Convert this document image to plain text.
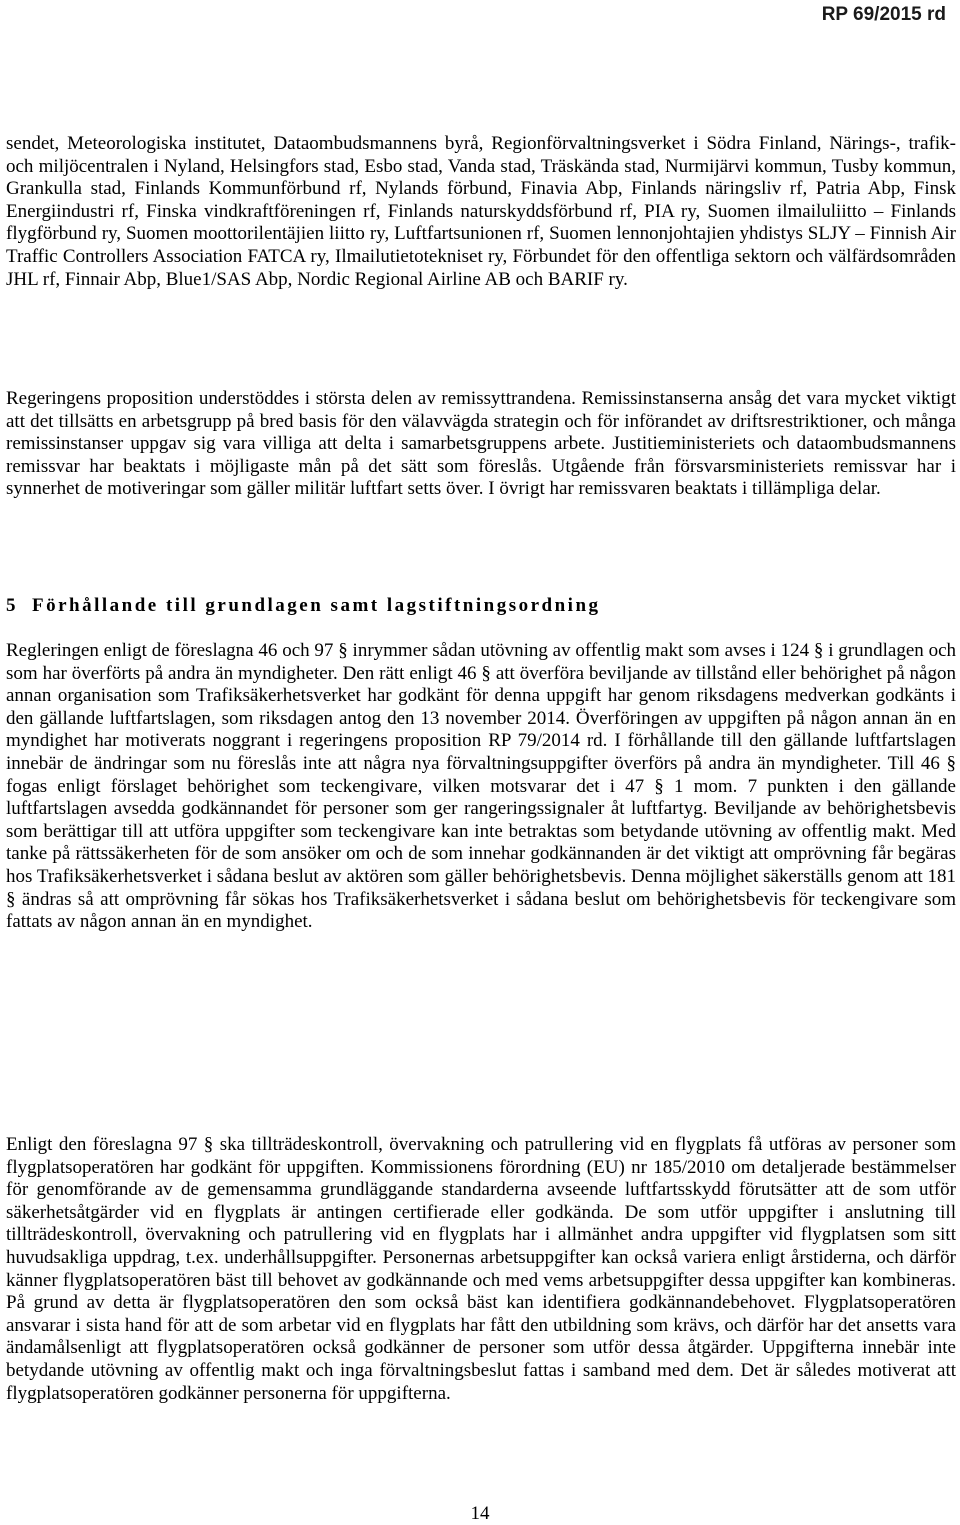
RP 69/2015 rd
sendet, Meteorologiska institutet, Dataombudsmannens byrå, Regionförvaltningsverket i Södra Finland, Närings-, trafik- och miljöcentralen i Nyland, Helsingfors stad, Esbo stad, Vanda stad, Träskända stad, Nurmijärvi kommun, Tusby kommun, Grankulla stad, Finlands Kommunförbund rf, Nylands förbund, Finavia Abp, Finlands näringsliv rf, Patria Abp, Finsk Energiindustri rf, Finska vindkraftföreningen rf, Finlands naturskyddsförbund rf, PIA ry, Suomen ilmailuliitto – Finlands flygförbund ry, Suomen moottorilentäjien liitto ry, Luftfartsunionen rf, Suomen lennonjohtajien yhdistys SLJY – Finnish Air Traffic Controllers Association FATCA ry, Ilmailutietotekniset ry, Förbundet för den offentliga sektorn och välfärdsområden JHL rf, Finnair Abp, Blue1/SAS Abp, Nordic Regional Airline AB och BARIF ry.
Regeringens proposition understöddes i största delen av remissyttrandena. Remissinstanserna ansåg det vara mycket viktigt att det tillsätts en arbetsgrupp på bred basis för den välavvägda strategin och för införandet av driftsrestriktioner, och många remissinstanser uppgav sig vara villiga att delta i samarbetsgruppens arbete. Justitieministeriets och dataombudsmannens remissvar har beaktats i möjligaste mån på det sätt som föreslås. Utgående från försvarsministeriets remissvar har i synnerhet de motiveringar som gäller militär luftfart setts över. I övrigt har remissvaren beaktats i tillämpliga delar.
5 Förhållande till grundlagen samt lagstiftningsordning
Regleringen enligt de föreslagna 46 och 97 § inrymmer sådan utövning av offentlig makt som avses i 124 § i grundlagen och som har överförts på andra än myndigheter. Den rätt enligt 46 § att överföra beviljande av tillstånd eller behörighet på någon annan organisation som Trafiksäkerhetsverket har godkänt för denna uppgift har genom riksdagens medverkan godkänts i den gällande luftfartslagen, som riksdagen antog den 13 november 2014. Överföringen av uppgiften på någon annan än en myndighet har motiverats noggrant i regeringens proposition RP 79/2014 rd. I förhållande till den gällande luftfartslagen innebär de ändringar som nu föreslås inte att några nya förvaltningsuppgifter överförs på andra än myndigheter. Till 46 § fogas enligt förslaget behörighet som teckengivare, vilken motsvarar det i 47 § 1 mom. 7 punkten i den gällande luftfartslagen avsedda godkännandet för personer som ger rangeringssignaler åt luftfartyg. Beviljande av behörighetsbevis som berättigar till att utföra uppgifter som teckengivare kan inte betraktas som betydande utövning av offentlig makt. Med tanke på rättssäkerheten för de som ansöker om och de som innehar godkännanden är det viktigt att omprövning får begäras hos Trafiksäkerhetsverket i sådana beslut av aktören som gäller behörighetsbevis. Denna möjlighet säkerställs genom att 181 § ändras så att omprövning får sökas hos Trafiksäkerhetsverket i sådana beslut om behörighetsbevis för teckengivare som fattats av någon annan än en myndighet.
Enligt den föreslagna 97 § ska tillträdeskontroll, övervakning och patrullering vid en flygplats få utföras av personer som flygplatsoperatören har godkänt för uppgiften. Kommissionens förordning (EU) nr 185/2010 om detaljerade bestämmelser för genomförande av de gemensamma grundläggande standarderna avseende luftfartsskydd förutsätter att de som utför säkerhetsåtgärder vid en flygplats är antingen certifierade eller godkända. De som utför uppgifter i anslutning till tillträdeskontroll, övervakning och patrullering vid en flygplats har i allmänhet andra uppgifter vid flygplatsen som sitt huvudsakliga uppdrag, t.ex. underhållsuppgifter. Personernas arbetsuppgifter kan också variera enligt årstiderna, och därför känner flygplatsoperatören bäst till behovet av godkännande och med vems arbetsuppgifter dessa uppgifter kan kombineras. På grund av detta är flygplatsoperatören den som också bäst kan identifiera godkännandebehovet. Flygplatsoperatören ansvarar i sista hand för att de som arbetar vid en flygplats har fått den utbildning som krävs, och därför har det ansetts vara ändamålsenligt att flygplatsoperatören också godkänner de personer som utför dessa åtgärder. Uppgifterna innebär inte betydande utövning av offentlig makt och inga förvaltningsbeslut fattas i samband med dem. Det är således motiverat att flygplatsoperatören godkänner personerna för uppgifterna.
14
